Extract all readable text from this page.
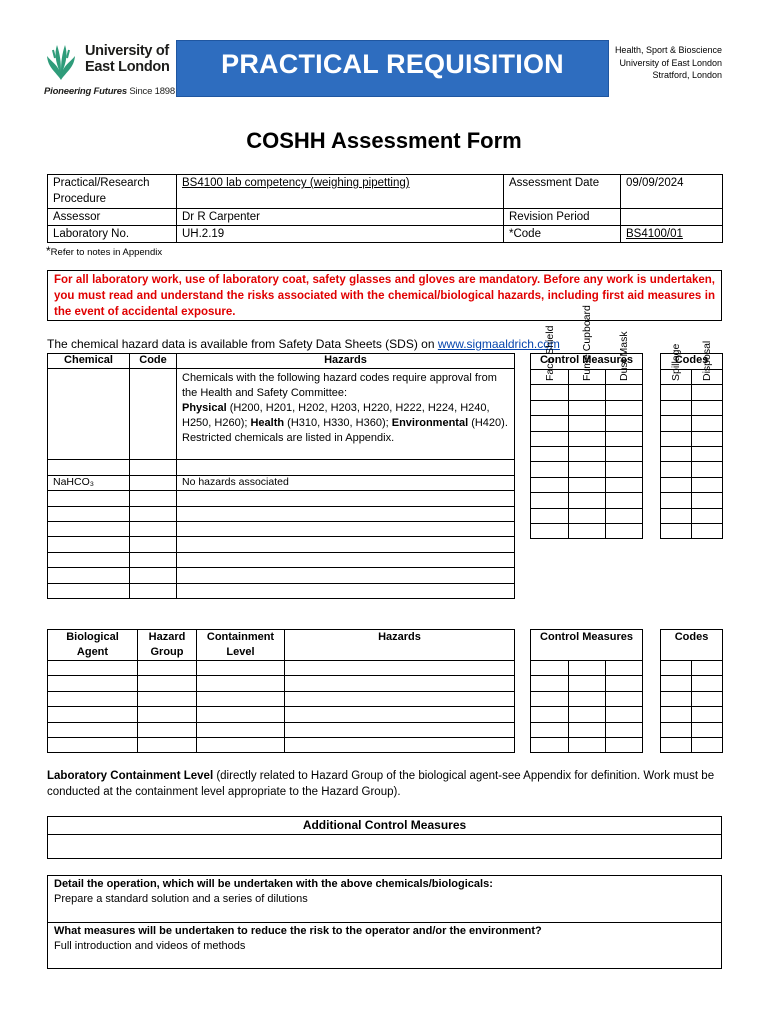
University of
East London
Pioneering Futures Since 1898
PRACTICAL REQUISITION	Health, Sport & Bioscience
University of East London
Stratford, London
COSHH Assessment Form
Practical/Research Procedure	BS4100 lab competency (weighing pipetting)	Assessment Date	09/09/2024
Assessor	Dr R Carpenter	Revision Period	
Laboratory No.	UH.2.19	*Code	BS4100/01
*Refer to notes in Appendix
For all laboratory work, use of laboratory coat, safety glasses and gloves are mandatory. Before any work is undertaken, you must read and understand the risks associated with the chemical/biological hazards, including first aid measures in the event of accidental exposure.
The chemical hazard data is available from Safety Data Sheets (SDS) on www.sigmaaldrich.com
Chemical	Code	Hazards
		Chemicals with the following hazard codes require approval from the Health and Safety Committee:
Physical (H200, H201, H202, H203, H220, H222, H224, H240, H250, H260); Health (H310, H330, H360); Environmental (H420).
Restricted chemicals are listed in Appendix.

NaHCO₃		No hazards associated

Control Measures		

Face Shield	Fume Cupboard	Dust Mask

			Codes	

Spillage	Disposal

Biological Agent	Hazard Group	Containment Level	Hazards

				Control Measures		

			Codes	

Laboratory Containment Level (directly related to Hazard Group of the biological agent-see Appendix for definition. Work must be conducted at the containment level appropriate to the Hazard Group).
Additional Control Measures
Detail the operation, which will be undertaken with the above chemicals/biologicals:
Prepare a standard solution and a series of dilutions
What measures will be undertaken to reduce the risk to the operator and/or the environment?
Full introduction and videos of methods
